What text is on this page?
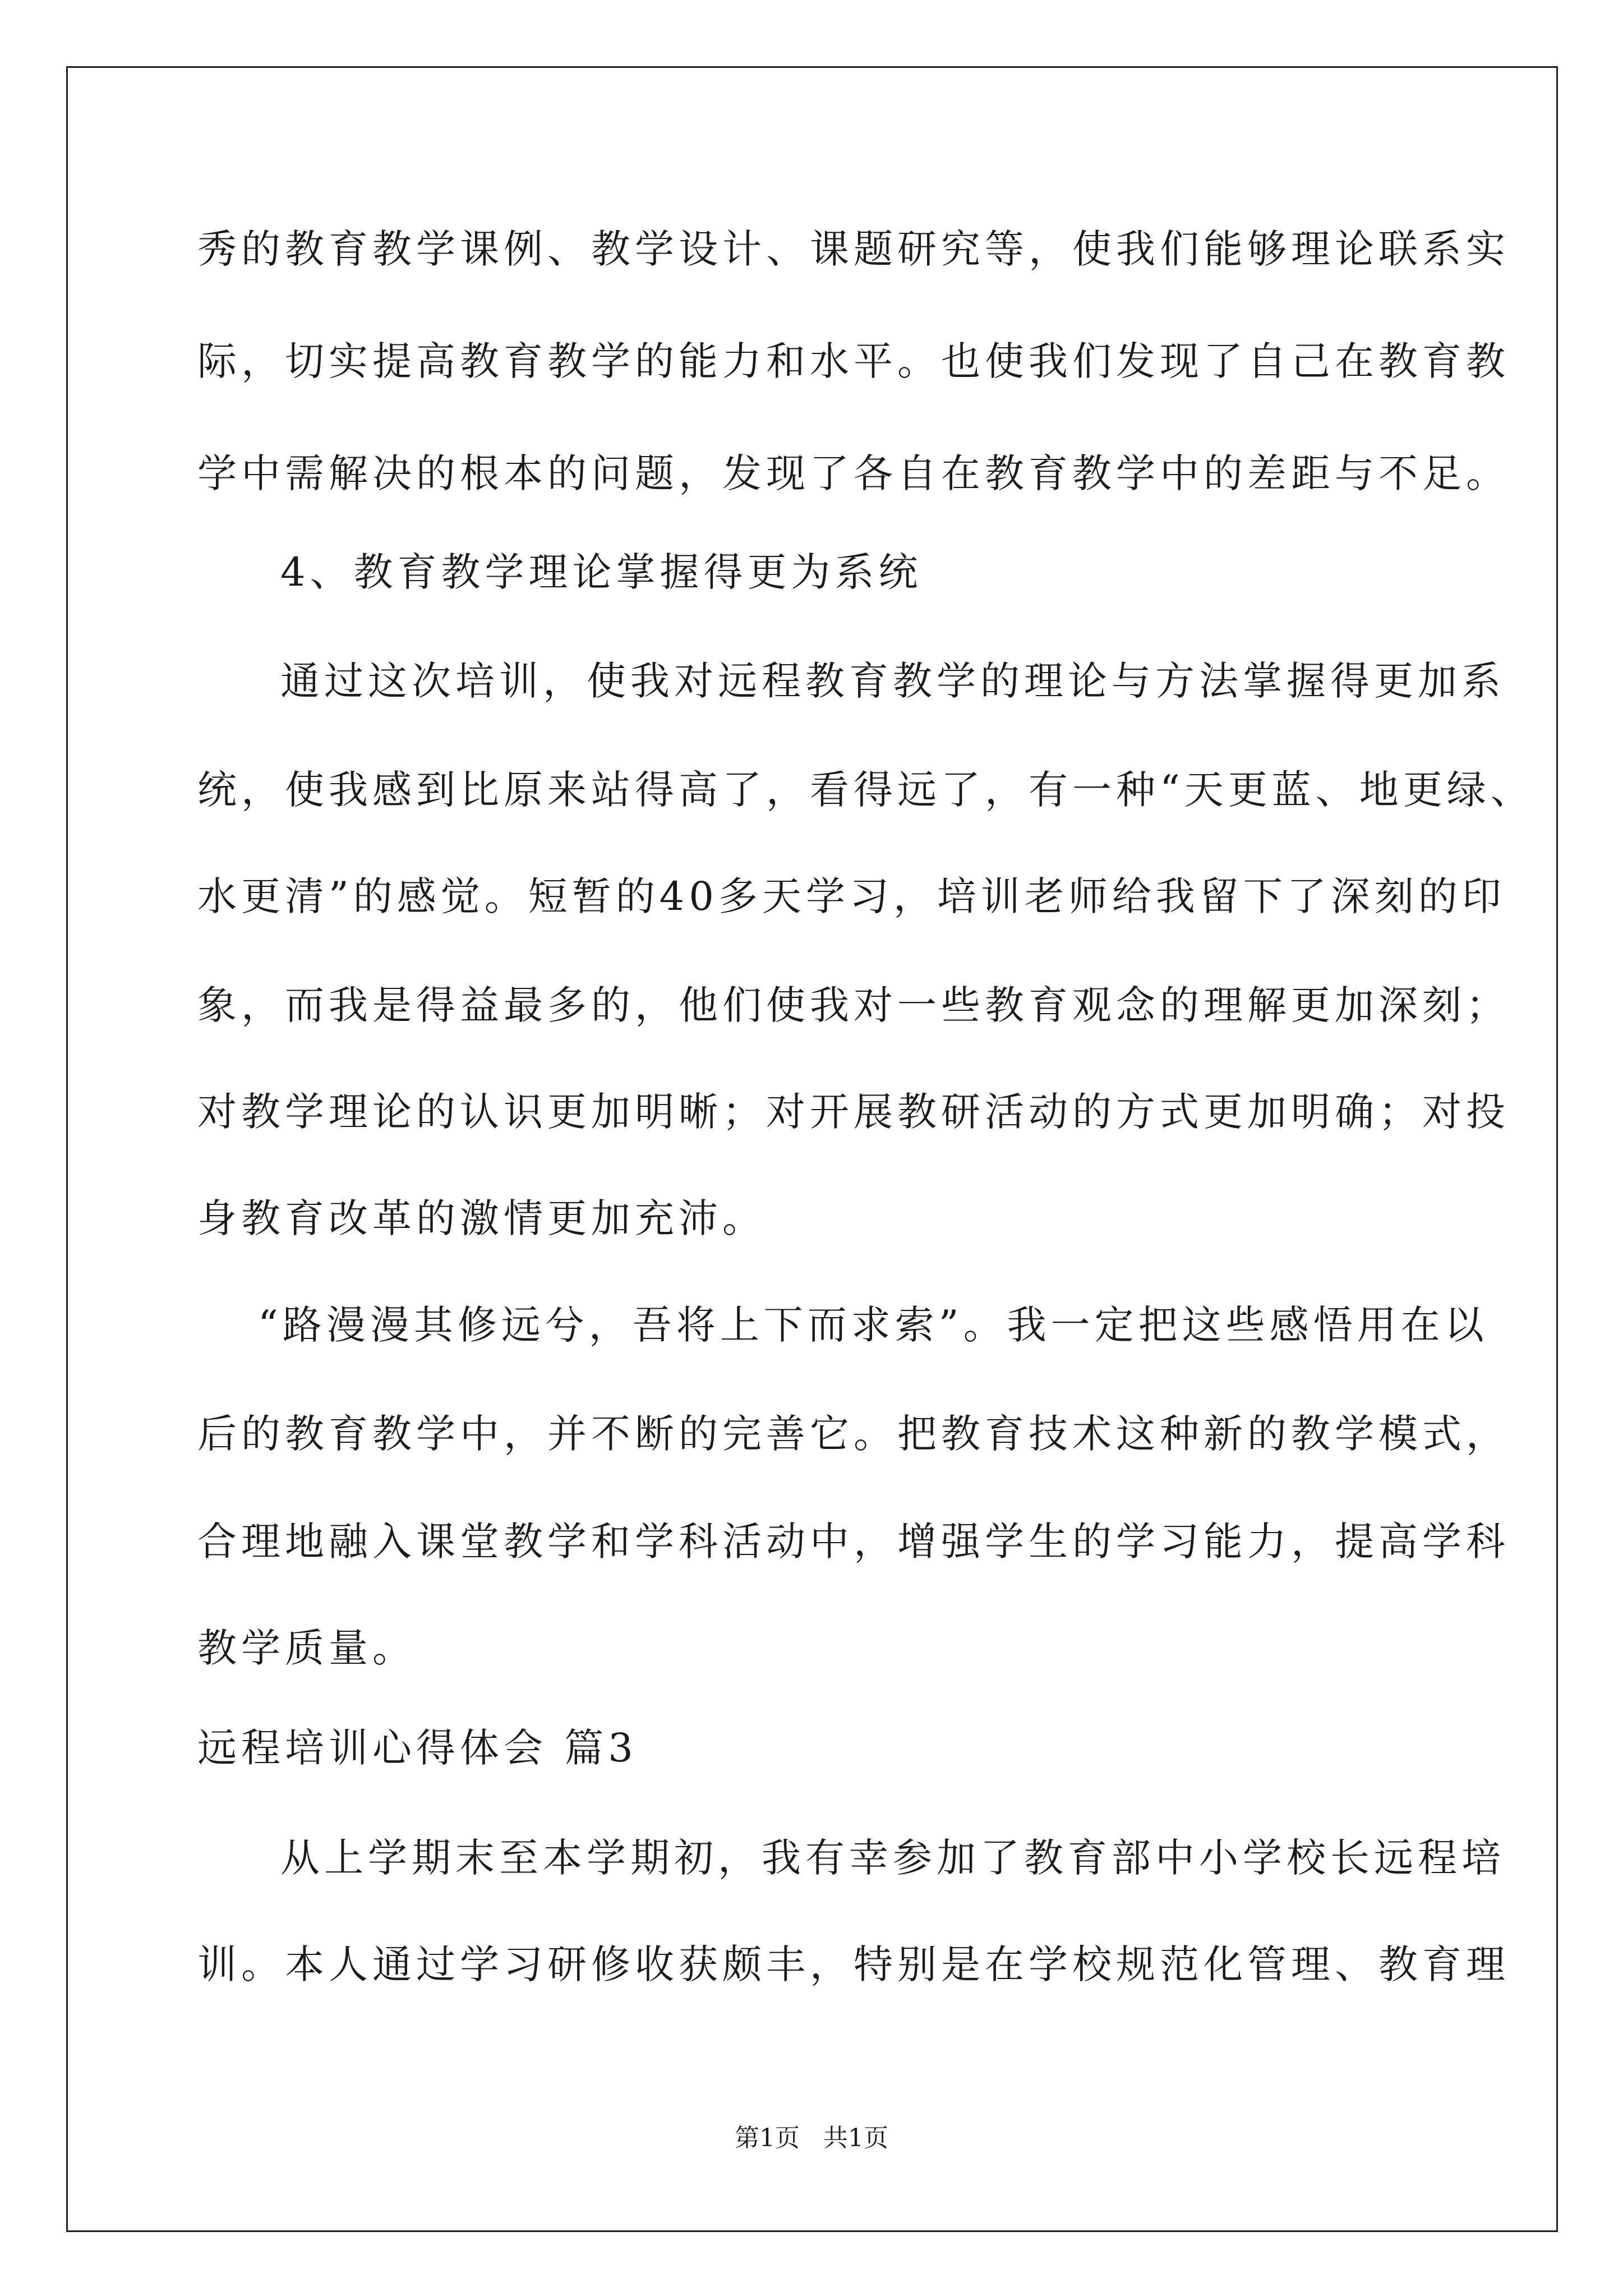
秀的教育教学课例、教学设计、课题研究等，使我们能够理论联系实
际，切实提高教育教学的能力和水平。也使我们发现了自己在教育教
学中需解决的根本的问题，发现了各自在教育教学中的差距与不足。
4、教育教学理论掌握得更为系统
通过这次培训，使我对远程教育教学的理论与方法掌握得更加系
统，使我感到比原来站得高了，看得远了，有一种“天更蓝、地更绿、
水更清”的感觉。短暂的40多天学习，培训老师给我留下了深刻的印
象，而我是得益最多的，他们使我对一些教育观念的理解更加深刻；
对教学理论的认识更加明晰；对开展教研活动的方式更加明确；对投
身教育改革的激情更加充沛。
“路漫漫其修远兮，吾将上下而求索”。我一定把这些感悟用在以
后的教育教学中，并不断的完善它。把教育技术这种新的教学模式，
合理地融入课堂教学和学科活动中，增强学生的学习能力，提高学科
教学质量。
远程培训心得体会 篇3
从上学期末至本学期初，我有幸参加了教育部中小学校长远程培
训。本人通过学习研修收获颇丰，特别是在学校规范化管理、教育理
第1页   共1页
